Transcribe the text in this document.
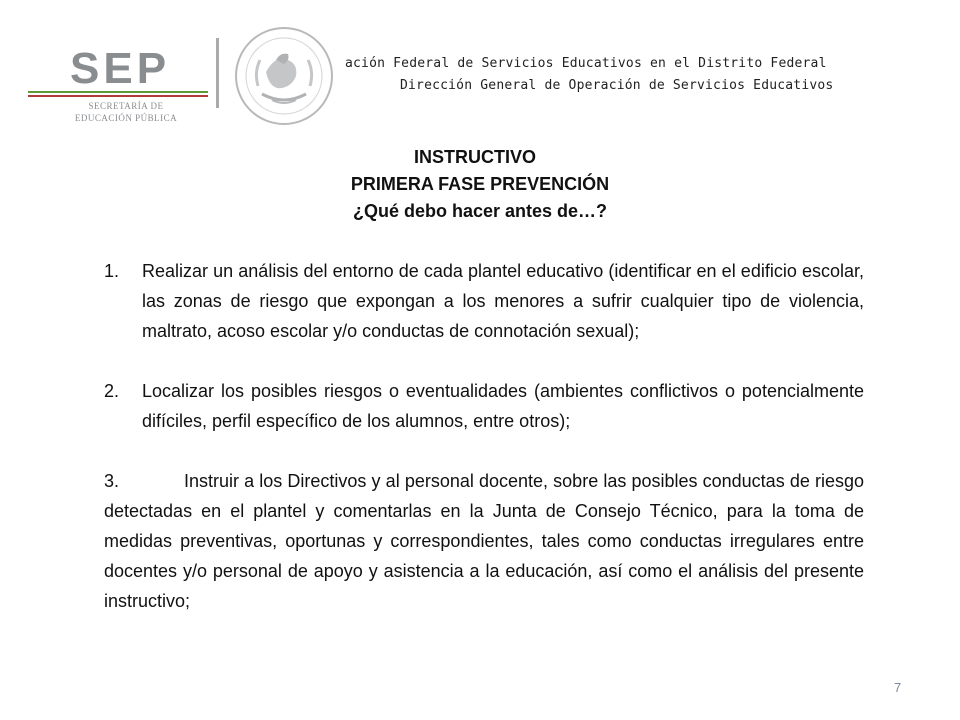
SEP
SECRETARÍA DE
EDUCACIÓN PÚBLICA
ación Federal de Servicios Educativos en el Distrito Federal
Dirección General de Operación de Servicios Educativos
INSTRUCTIVO
PRIMERA FASE PREVENCIÓN
¿Qué debo hacer antes de…?
1.	Realizar un análisis del entorno de cada plantel educativo (identificar en el edificio escolar, las zonas de riesgo que expongan a los menores a sufrir cualquier tipo de violencia, maltrato, acoso escolar y/o conductas de connotación sexual);
2.	Localizar los posibles riesgos o eventualidades (ambientes conflictivos o potencialmente difíciles, perfil específico de los alumnos, entre otros);
3.	Instruir a los Directivos y al personal docente, sobre las posibles conductas de riesgo detectadas en el plantel y comentarlas en la Junta de Consejo Técnico, para la toma de medidas preventivas, oportunas y correspondientes, tales como conductas irregulares entre docentes y/o personal de apoyo y asistencia a la educación, así como el análisis del presente instructivo;
7
